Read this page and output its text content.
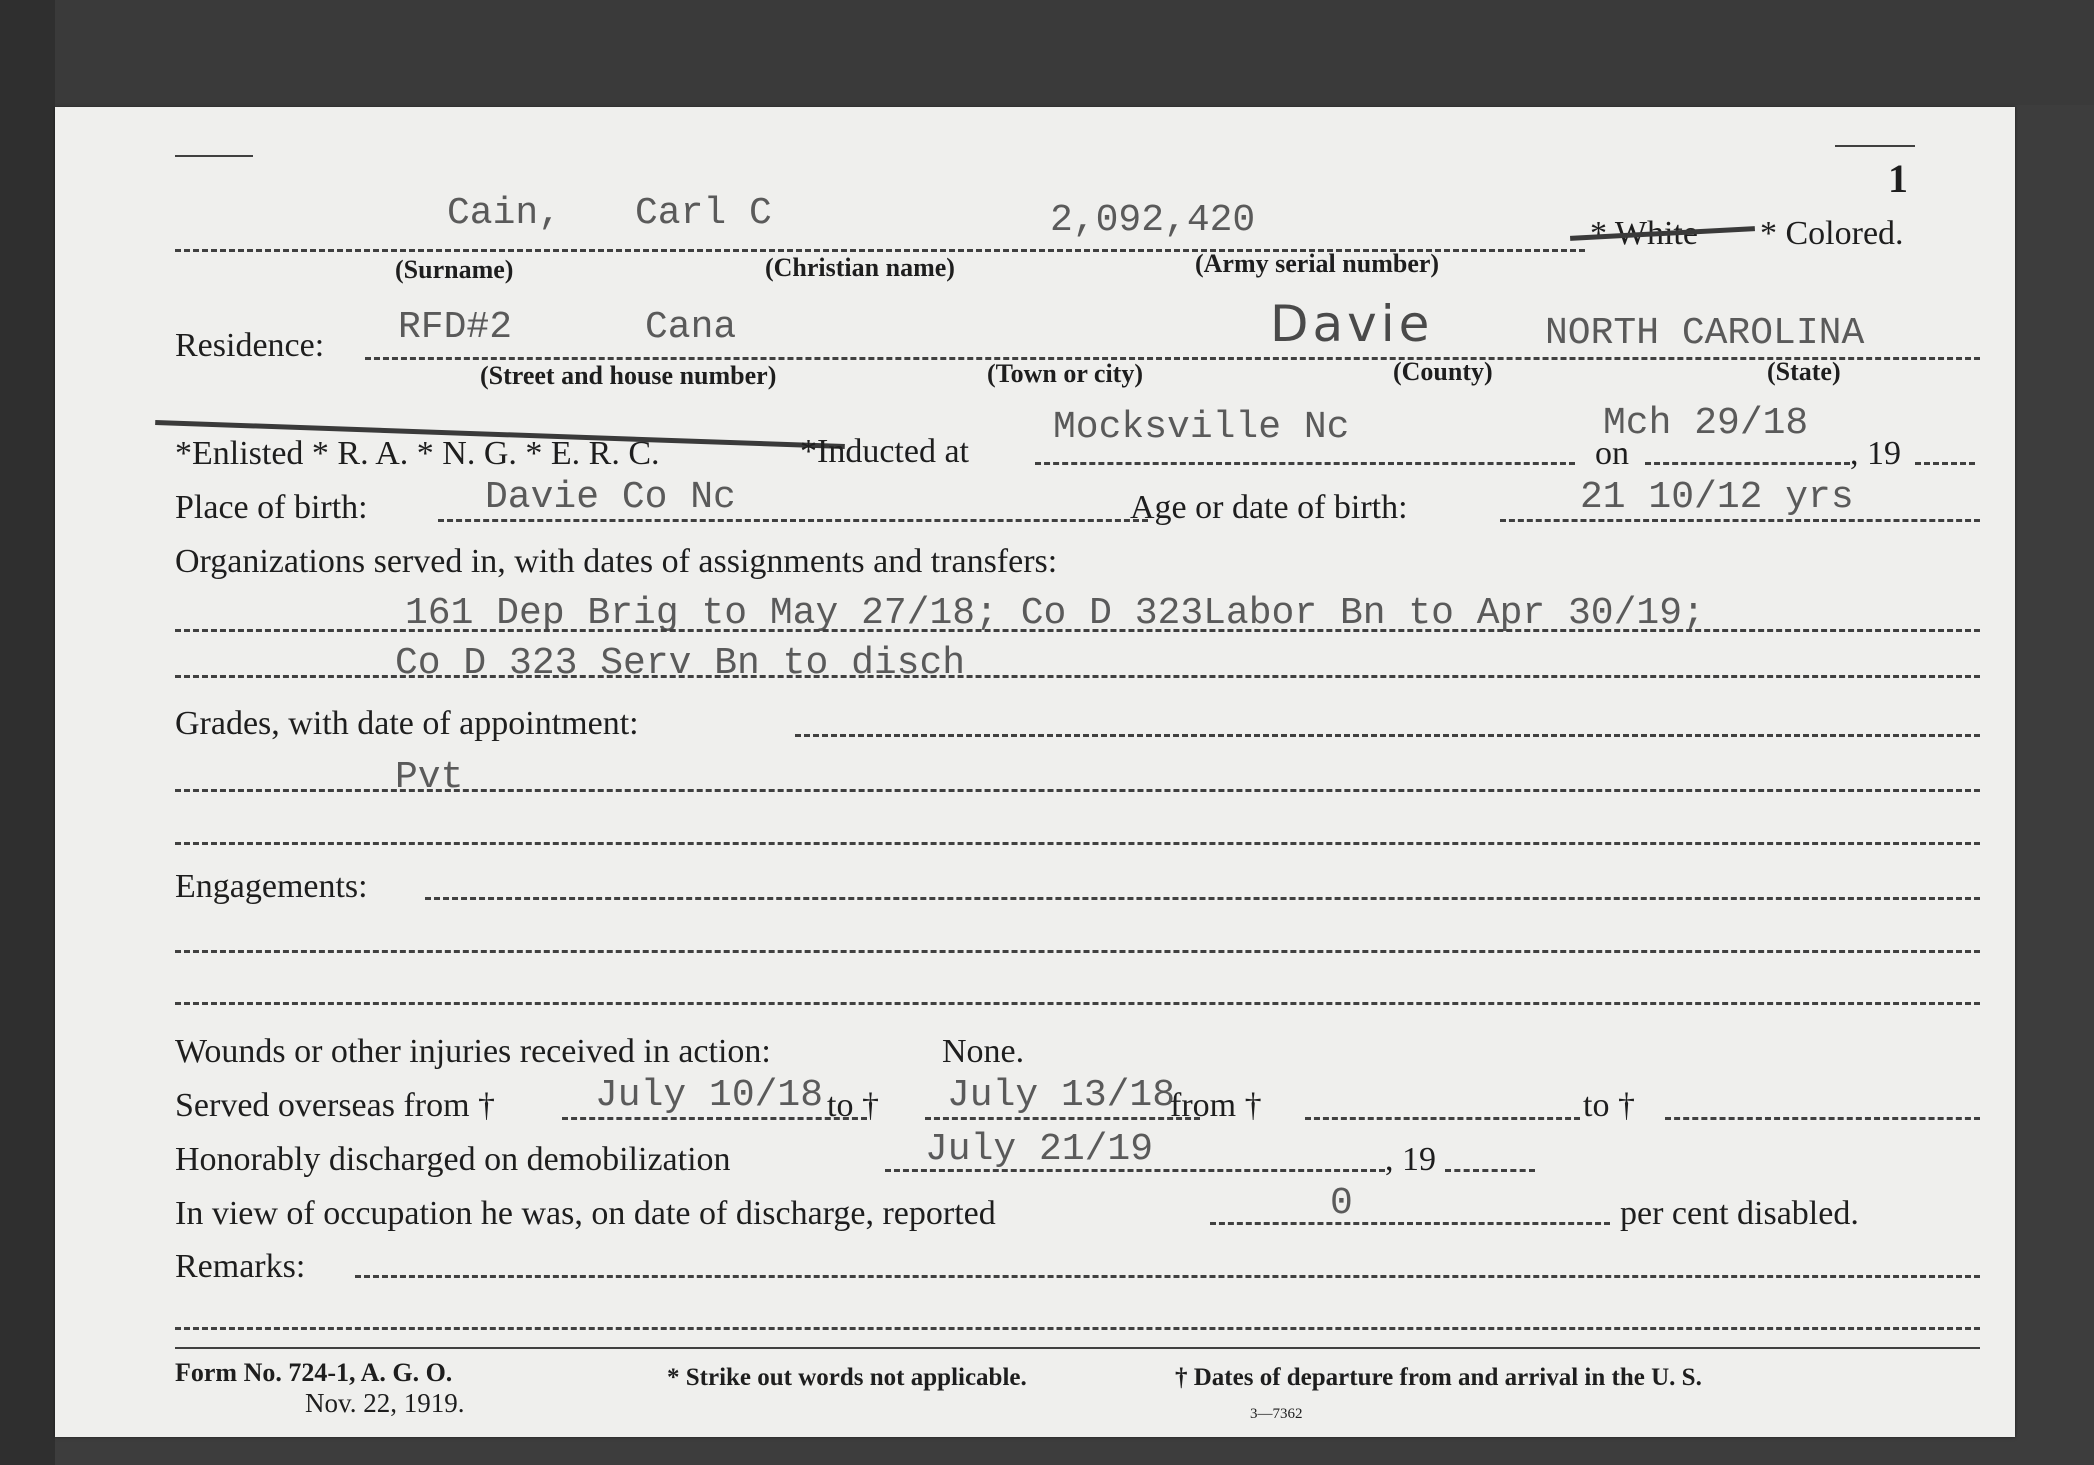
1
Cain, Carl C	2,092,420	* White * Colored.
(Surname)	(Christian name)	(Army serial number)
Residence: RFD#2	Cana	Davie	NORTH CAROLINA
(Street and house number)	(Town or city)	(County)	(State)
*Enlisted * R. A. * N. G. * E. R. C.	*Inducted at
Mocksville Nc	Mch 29/18
on	, 19
Place of birth:	Davie Co Nc	Age or date of birth:	21 10/12 yrs
Organizations served in, with dates of assignments and transfers:
161 Dep Brig to May 27/18; Co D 323Labor Bn to Apr 30/19;
Co D 323 Serv Bn to disch
Grades, with date of appointment:
Pvt
Engagements:
Wounds or other injuries received in action:	None.
Served overseas from †	July 10/18 to † July 13/18
from †	to †
Honorably discharged on demobilization	July 21/19	, 19
In view of occupation he was, on date of discharge, reported	0	per cent disabled.
Remarks:
Form No. 724-1, A. G. O.
Nov. 22, 1919.
* Strike out words not applicable.	† Dates of departure from and arrival in the U. S.
3—7362
